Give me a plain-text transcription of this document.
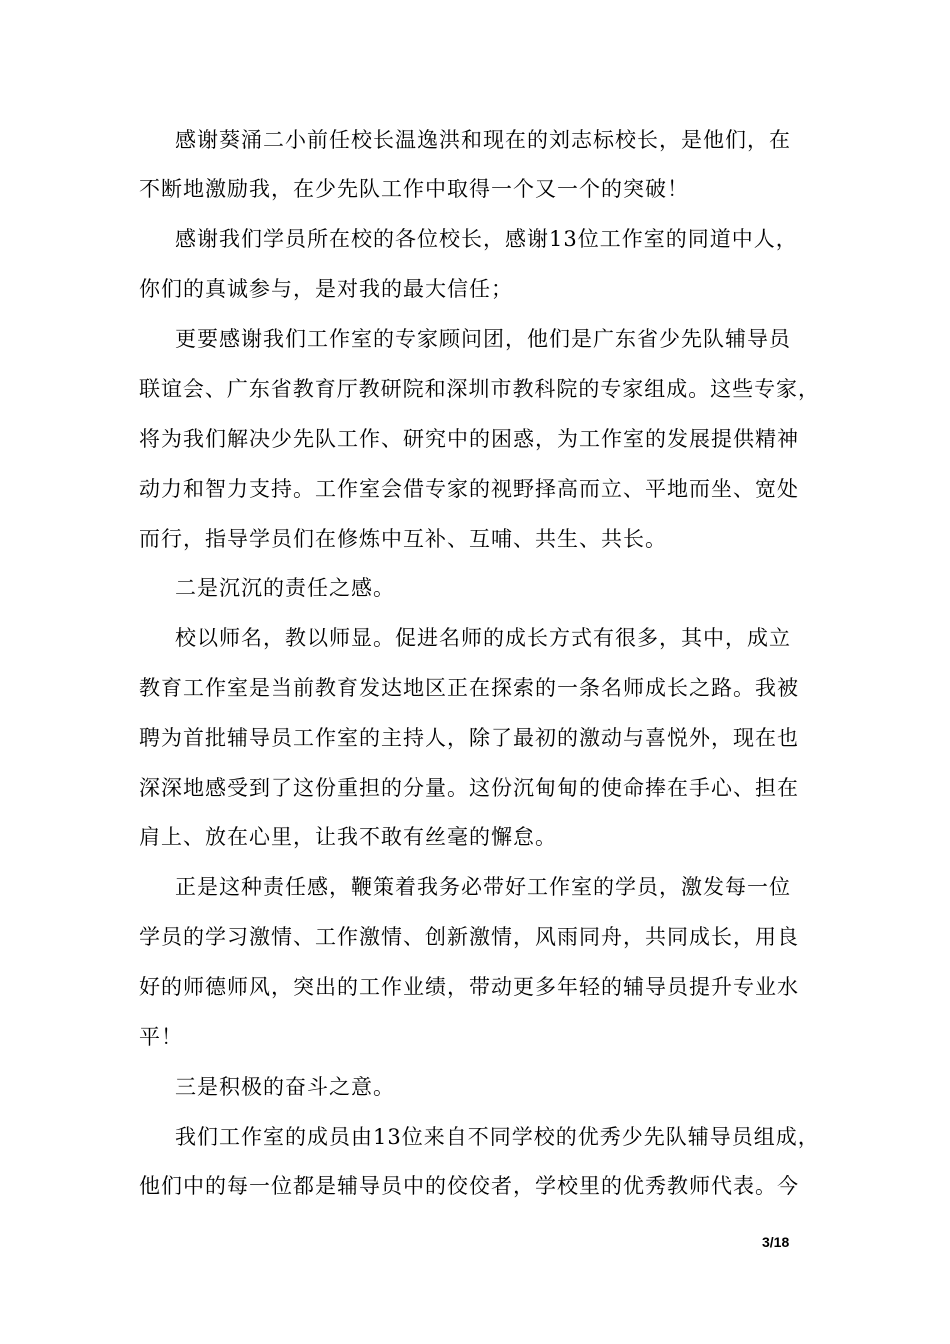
感谢葵涌二小前任校长温逸洪和现在的刘志标校长，是他们，在
不断地激励我，在少先队工作中取得一个又一个的突破！
感谢我们学员所在校的各位校长，感谢13位工作室的同道中人，
你们的真诚参与，是对我的最大信任；
更要感谢我们工作室的专家顾问团，他们是广东省少先队辅导员
联谊会、广东省教育厅教研院和深圳市教科院的专家组成。这些专家，
将为我们解决少先队工作、研究中的困惑，为工作室的发展提供精神
动力和智力支持。工作室会借专家的视野择高而立、平地而坐、宽处
而行，指导学员们在修炼中互补、互哺、共生、共长。
二是沉沉的责任之感。
校以师名，教以师显。促进名师的成长方式有很多，其中，成立
教育工作室是当前教育发达地区正在探索的一条名师成长之路。我被
聘为首批辅导员工作室的主持人，除了最初的激动与喜悦外，现在也
深深地感受到了这份重担的分量。这份沉甸甸的使命捧在手心、担在
肩上、放在心里，让我不敢有丝毫的懈怠。
正是这种责任感，鞭策着我务必带好工作室的学员，激发每一位
学员的学习激情、工作激情、创新激情，风雨同舟，共同成长，用良
好的师德师风，突出的工作业绩，带动更多年轻的辅导员提升专业水
平！
三是积极的奋斗之意。
我们工作室的成员由13位来自不同学校的优秀少先队辅导员组成，
他们中的每一位都是辅导员中的佼佼者，学校里的优秀教师代表。今
3/18
